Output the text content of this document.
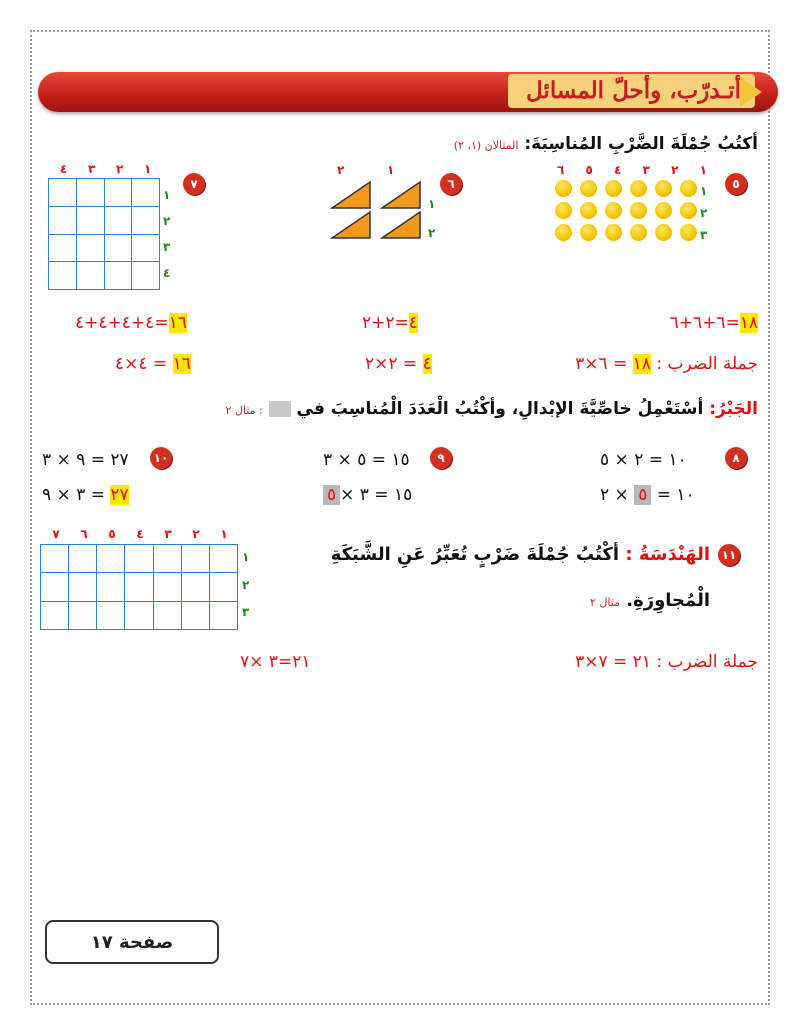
أتـدرّب، وأحلّ المسائل
أكتُبُ جُمْلَةَ الضَّرْبِ المُناسِبَةَ: المثالان (١، ٢)
٥
١
٢
٣
٤
٥
٦
١
٢
٣
٦
٢	١
١
٢
٧

٤ ٣ ٢ ١
١
٢
٣
٤
١٨=٦+٦+٦
٤=٢+٢
١٦=٤+٤+٤+٤
جملة الضرب : ١٨ = ٦×٣
٤ = ٢×٢
١٦ = ٤×٤
الجَبْرُ: أسْتَعْمِلُ خاصِّيَّةَ الإبْدالِ، وأكْتُبُ الْعَدَدَ الْمُناسِبَ في  : مثال ٢
٨
١٠ = ٢ × ٥
١٠ = ٥ × ٢
٩
١٥ = ٥ × ٣
١٥ = ٣ ×٥
١٠
٢٧ = ٩ × ٣
٢٧ = ٣ × ٩
١١
الهَنْدَسَةُ : أكْتُبُ جُمْلَةَ ضَرْبٍ تُعَبِّرُ عَنِ الشَّبَكَةِ
الْمُجاوِرَةِ. مثال ٢

١
٢
٣
٤
٥
٦
٧
١
٢
٣
جملة الضرب : ٢١ = ٧×٣
٢١=٣ ×٧
صفحة ١٧
